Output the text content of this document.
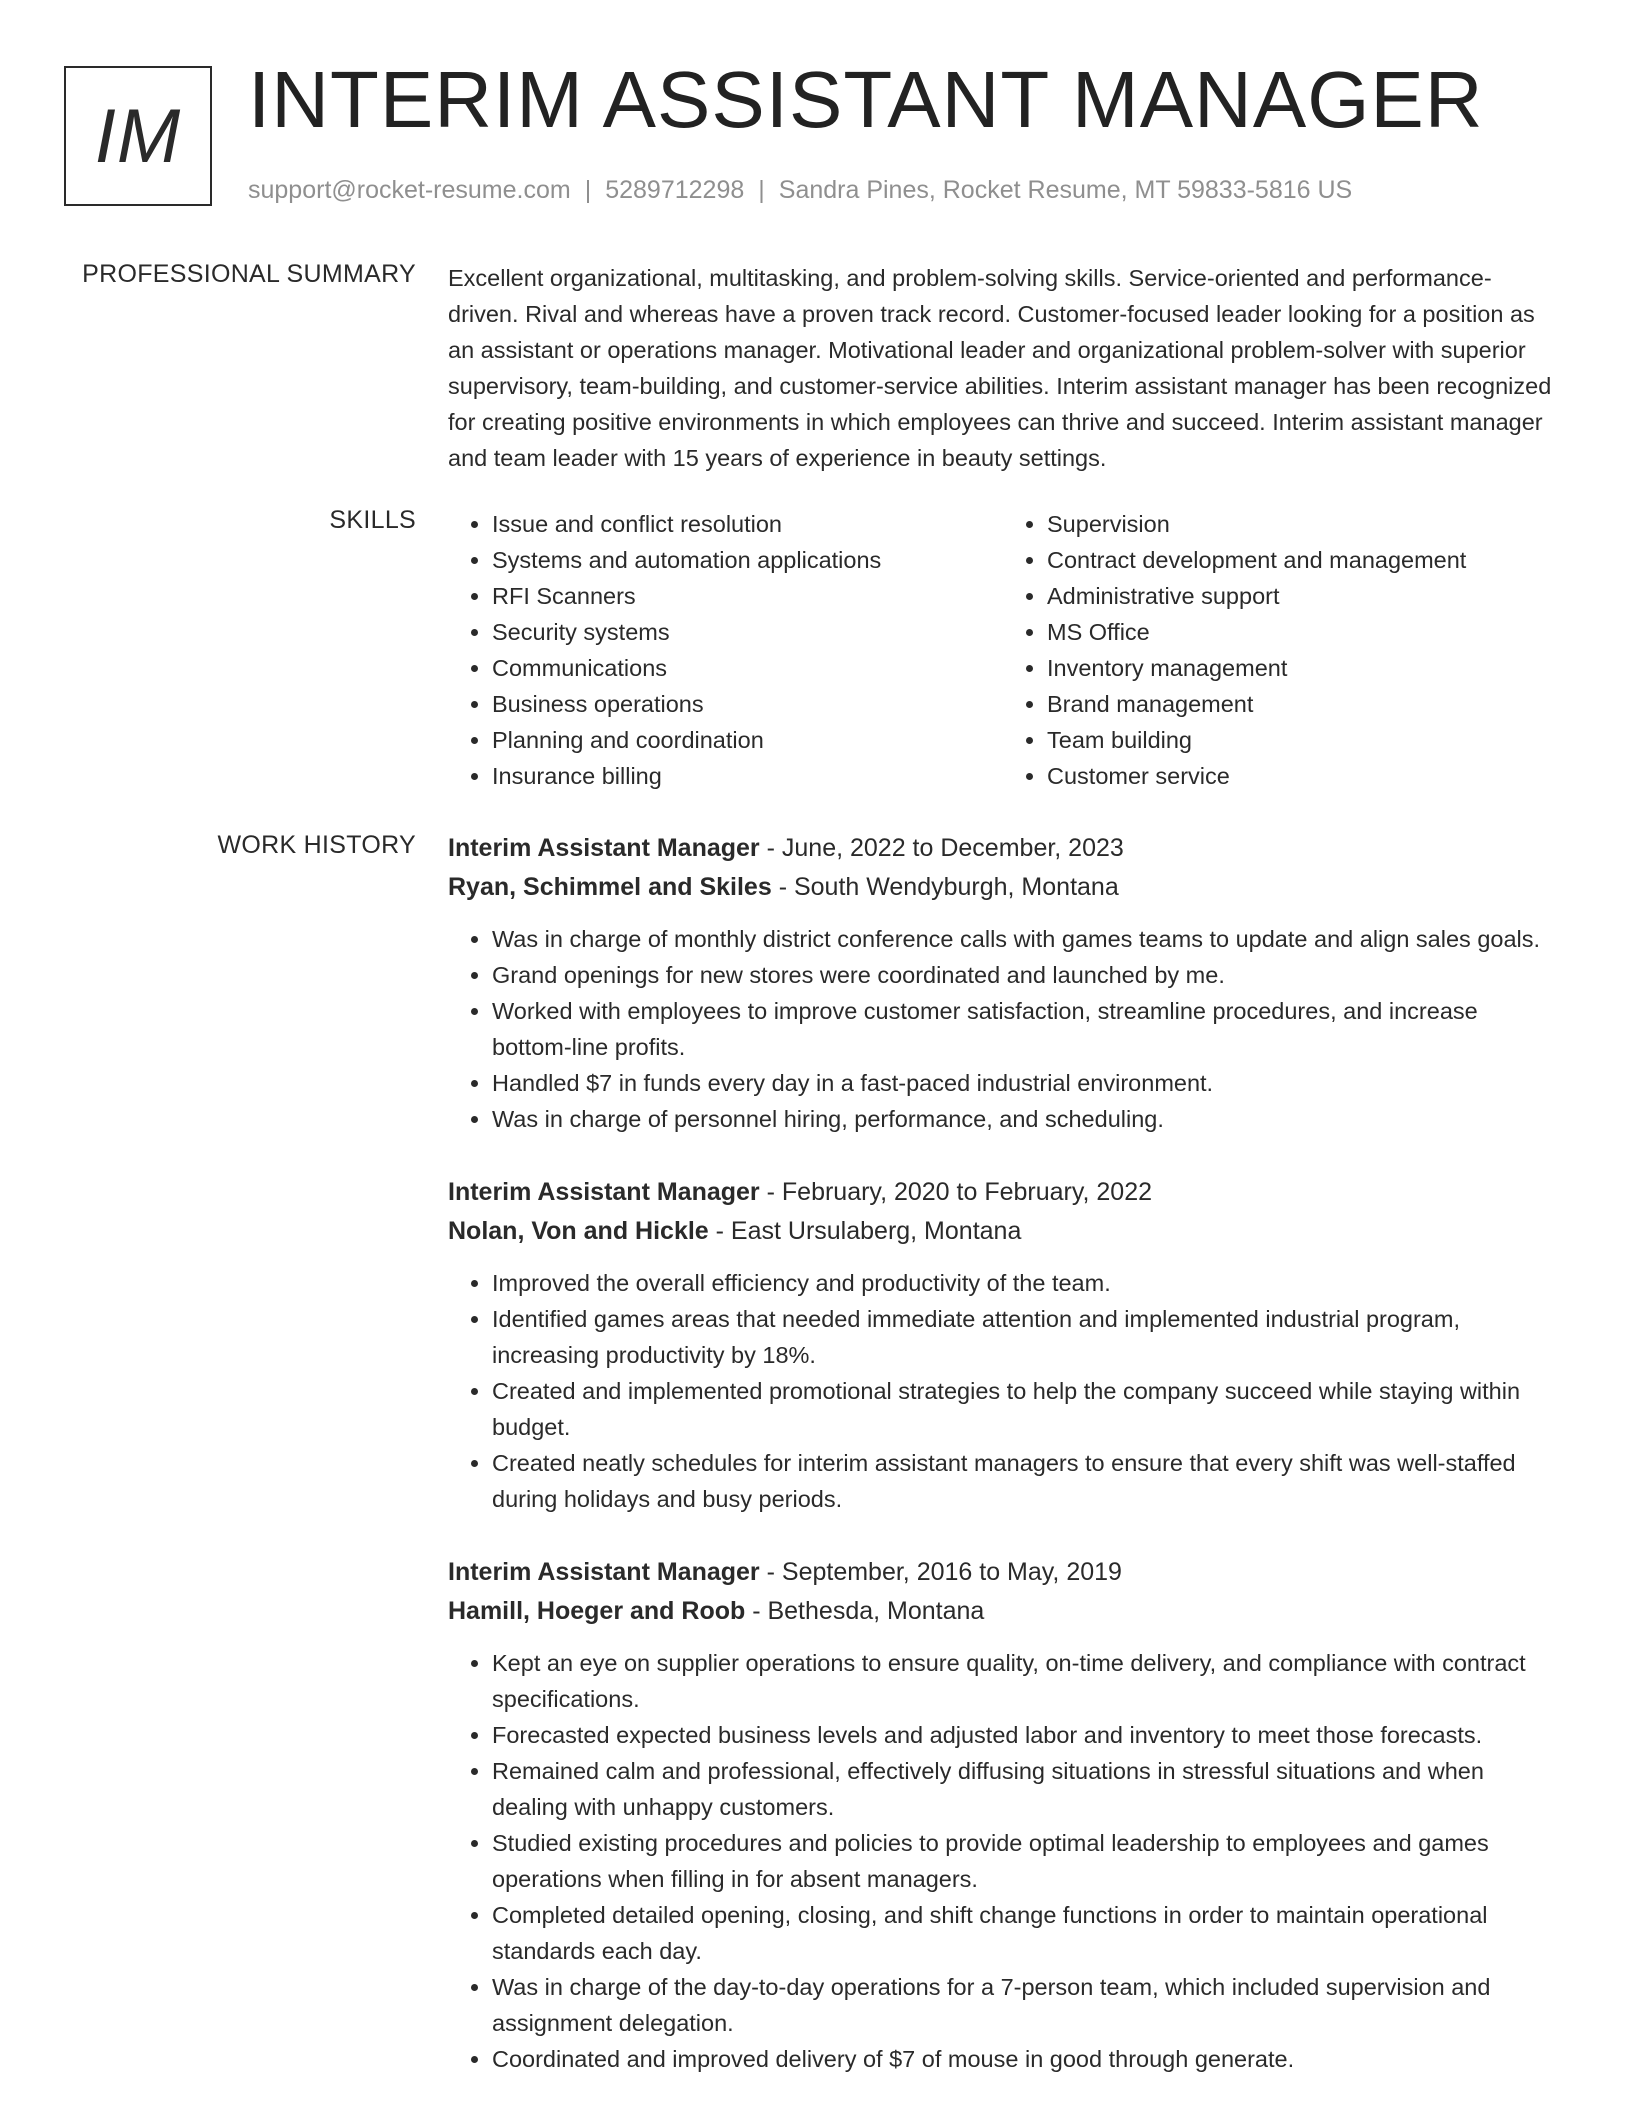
IM INTERIM ASSISTANT MANAGER
support@rocket-resume.com | 5289712298 | Sandra Pines, Rocket Resume, MT 59833-5816 US
PROFESSIONAL SUMMARY Excellent organizational, multitasking, and problem-solving skills. Service-oriented and performance-driven. Rival and whereas have a proven track record. Customer-focused leader looking for a position as an assistant or operations manager. Motivational leader and organizational problem-solver with superior supervisory, team-building, and customer-service abilities. Interim assistant manager has been recognized for creating positive environments in which employees can thrive and succeed. Interim assistant manager and team leader with 15 years of experience in beauty settings.

SKILLS
•	Issue and conflict resolution
• Systems and automation applications
• RFI Scanners
• Security systems
• Communications
• Business operations
• Planning and coordination
• Insurance billing
• Supervision
• Contract development and management
• Administrative support
• MS Office
• Inventory management
• Brand management
• Team building
• Customer service
WORK HISTORY Interim Assistant Manager - June, 2022 to December, 2023
Ryan, Schimmel and Skiles - South Wendyburgh, Montana
• Was in charge of monthly district conference calls with games teams to update and align sales goals.
• Grand openings for new stores were coordinated and launched by me.
• Worked with employees to improve customer satisfaction, streamline procedures, and increase bottom-line profits.
• Handled $7 in funds every day in a fast-paced industrial environment.
• Was in charge of personnel hiring, performance, and scheduling.
Interim Assistant Manager - February, 2020 to February, 2022
Nolan, Von and Hickle - East Ursulaberg, Montana
• Improved the overall efficiency and productivity of the team.
• Identified games areas that needed immediate attention and implemented industrial program, increasing productivity by 18%.
• Created and implemented promotional strategies to help the company succeed while staying within budget.
• Created neatly schedules for interim assistant managers to ensure that every shift was well-staffed during holidays and busy periods.
Interim Assistant Manager - September, 2016 to May, 2019
Hamill, Hoeger and Roob - Bethesda, Montana
• Kept an eye on supplier operations to ensure quality, on-time delivery, and compliance with contract specifications.
• Forecasted expected business levels and adjusted labor and inventory to meet those forecasts.
• Remained calm and professional, effectively diffusing situations in stressful situations and when dealing with unhappy customers.
• Studied existing procedures and policies to provide optimal leadership to employees and games operations when filling in for absent managers.
• Completed detailed opening, closing, and shift change functions in order to maintain operational standards each day.
• Was in charge of the day-to-day operations for a 7-person team, which included supervision and assignment delegation.
• Coordinated and improved delivery of $7 of mouse in good through generate.
